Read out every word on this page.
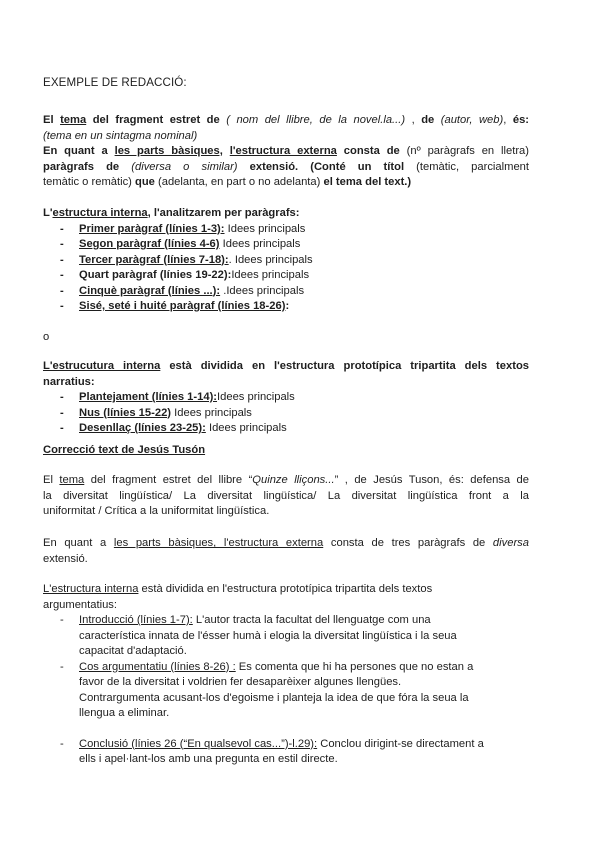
EXEMPLE DE REDACCIÓ:

El tema del fragment estret de ( nom del llibre, de la novel.la...) , de (autor, web), és:

(tema en un sintagma nominal)

En quant a les parts bàsiques, l'estructura externa consta de (nº paràgrafs en lletra)

paràgrafs de (diversa o similar) extensió. (Conté un títol (temàtic, parcialment

temàtic o remàtic) que (adelanta, en part o no adelanta) el tema del text.)

L'estructura interna, l'analitzarem per paràgrafs:

- Primer paràgraf (línies 1-3): Idees principals
- Segon paràgraf (línies 4-6) Idees principals
- Tercer paràgraf (línies 7-18):. Idees principals
- Quart paràgraf (línies 19-22):Idees principals
- Cinquè paràgraf (línies ...): .Idees principals
- Sisé, seté i huité paràgraf (línies 18-26):
o

L'estrucutura interna està dividida en l'estructura prototípica tripartita dels textos

narratius:

- Plantejament (línies 1-14):Idees principals
- Nus (línies 15-22) Idees principals
- Desenllaç (línies 23-25): Idees principals
Correcció text de Jesús Tusón

El tema del fragment estret del llibre “Quinze lliçons...” , de Jesús Tuson, és: defensa de

la diversitat lingüística/ La diversitat lingüística/ La diversitat lingüística front a la

uniformitat / Crítica a la uniformitat lingüística.

En quant a les parts bàsiques, l'estructura externa consta de tres paràgrafs de diversa

extensió.

L'estructura interna està dividida en l'estructura prototípica tripartita dels textos

argumentatius:

- Introducció (línies 1-7): L'autor tracta la facultat del llenguatge com una
característica innata de l'ésser humà i elogia la diversitat lingüística i la seua
capacitat d'adaptació.
- Cos argumentatiu (línies 8-26) : Es comenta que hi ha persones que no estan a
favor de la diversitat i voldrien fer desaparèixer algunes llengües.
Contrargumenta acusant-los d'egoisme i planteja la idea de que fóra la seua la
llengua a eliminar.
- Conclusió (línies 26 (“En qualsevol cas...”)-l.29): Conclou dirigint-se directament a
ells i apel·lant-los amb una pregunta en estil directe.
